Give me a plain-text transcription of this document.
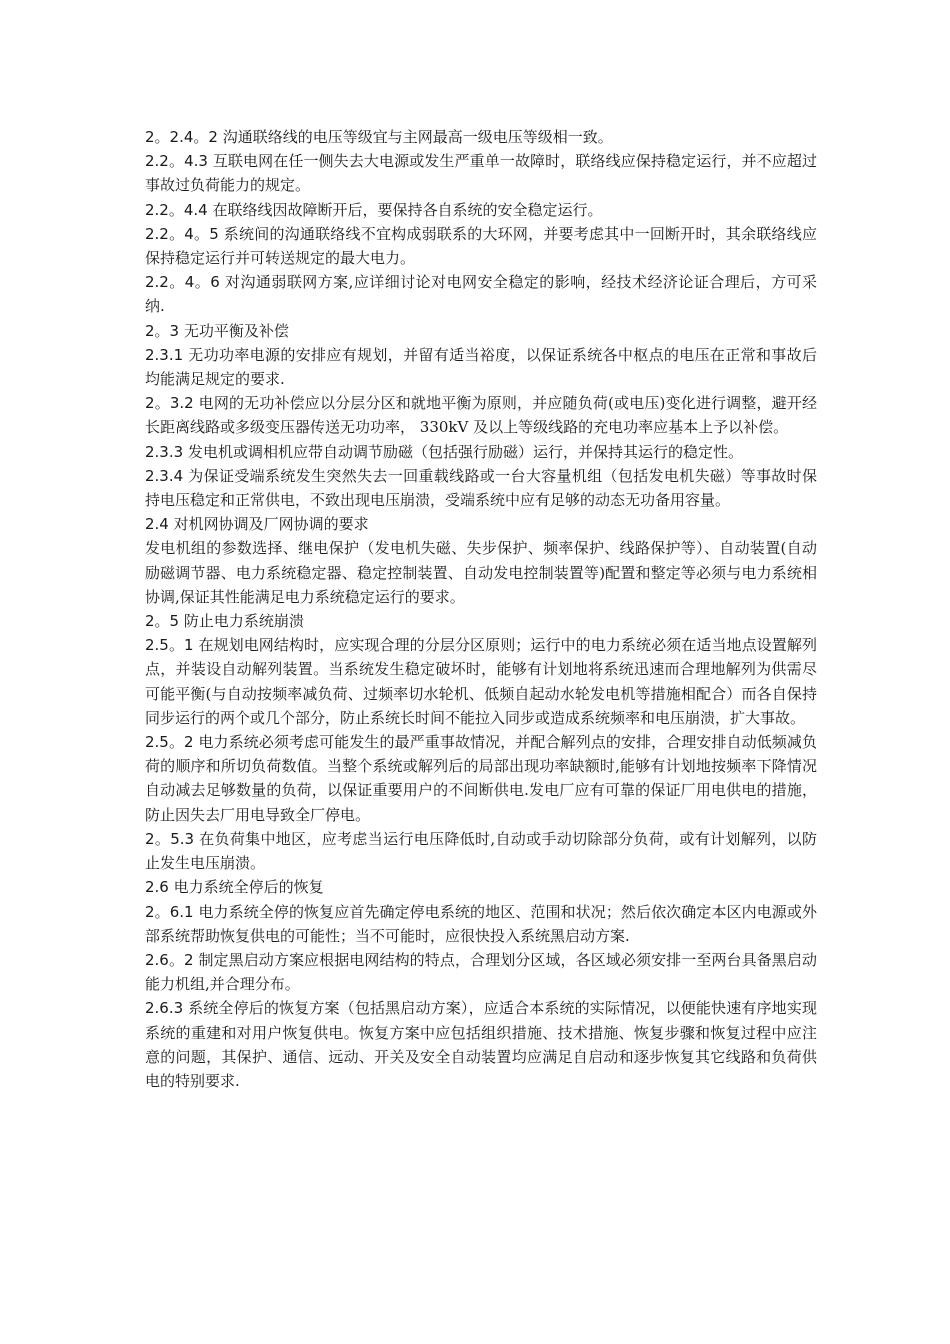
2。2.4。2 沟通联络线的电压等级宜与主网最高一级电压等级相一致。

2.2。4.3 互联电网在任一侧失去大电源或发生严重单一故障时，联络线应保持稳定运行，并不应超过事故过负荷能力的规定。

2.2。4.4 在联络线因故障断开后，要保持各自系统的安全稳定运行。

2.2。4。5 系统间的沟通联络线不宜构成弱联系的大环网，并要考虑其中一回断开时，其余联络线应保持稳定运行并可转送规定的最大电力。

2.2。4。6 对沟通弱联网方案,应详细讨论对电网安全稳定的影响，经技术经济论证合理后，方可采纳.

2。3 无功平衡及补偿

2.3.1 无功功率电源的安排应有规划，并留有适当裕度，以保证系统各中枢点的电压在正常和事故后均能满足规定的要求.

2。3.2 电网的无功补偿应以分层分区和就地平衡为原则，并应随负荷(或电压)变化进行调整，避开经长距离线路或多级变压器传送无功功率， 330kV 及以上等级线路的充电功率应基本上予以补偿。

2.3.3 发电机或调相机应带自动调节励磁（包括强行励磁）运行，并保持其运行的稳定性。

2.3.4 为保证受端系统发生突然失去一回重载线路或一台大容量机组（包括发电机失磁）等事故时保持电压稳定和正常供电，不致出现电压崩溃，受端系统中应有足够的动态无功备用容量。

2.4 对机网协调及厂网协调的要求

发电机组的参数选择、继电保护（发电机失磁、失步保护、频率保护、线路保护等）、自动装置(自动励磁调节器、电力系统稳定器、稳定控制装置、自动发电控制装置等)配置和整定等必须与电力系统相协调,保证其性能满足电力系统稳定运行的要求。

2。5 防止电力系统崩溃

2.5。1 在规划电网结构时，应实现合理的分层分区原则；运行中的电力系统必须在适当地点设置解列点，并装设自动解列装置。当系统发生稳定破坏时，能够有计划地将系统迅速而合理地解列为供需尽可能平衡(与自动按频率减负荷、过频率切水轮机、低频自起动水轮发电机等措施相配合）而各自保持同步运行的两个或几个部分，防止系统长时间不能拉入同步或造成系统频率和电压崩溃，扩大事故。

2.5。2 电力系统必须考虑可能发生的最严重事故情况，并配合解列点的安排，合理安排自动低频减负荷的顺序和所切负荷数值。当整个系统或解列后的局部出现功率缺额时,能够有计划地按频率下降情况自动减去足够数量的负荷，以保证重要用户的不间断供电.发电厂应有可靠的保证厂用电供电的措施，防止因失去厂用电导致全厂停电。

2。5.3 在负荷集中地区，应考虑当运行电压降低时,自动或手动切除部分负荷，或有计划解列，以防止发生电压崩溃。

2.6 电力系统全停后的恢复

2。6.1 电力系统全停的恢复应首先确定停电系统的地区、范围和状况；然后依次确定本区内电源或外部系统帮助恢复供电的可能性；当不可能时，应很快投入系统黑启动方案.

2.6。2 制定黑启动方案应根据电网结构的特点，合理划分区域，各区域必须安排一至两台具备黑启动能力机组,并合理分布。

2.6.3 系统全停后的恢复方案（包括黑启动方案），应适合本系统的实际情况，以便能快速有序地实现系统的重建和对用户恢复供电。恢复方案中应包括组织措施、技术措施、恢复步骤和恢复过程中应注意的问题，其保护、通信、远动、开关及安全自动装置均应满足自启动和逐步恢复其它线路和负荷供电的特别要求.
